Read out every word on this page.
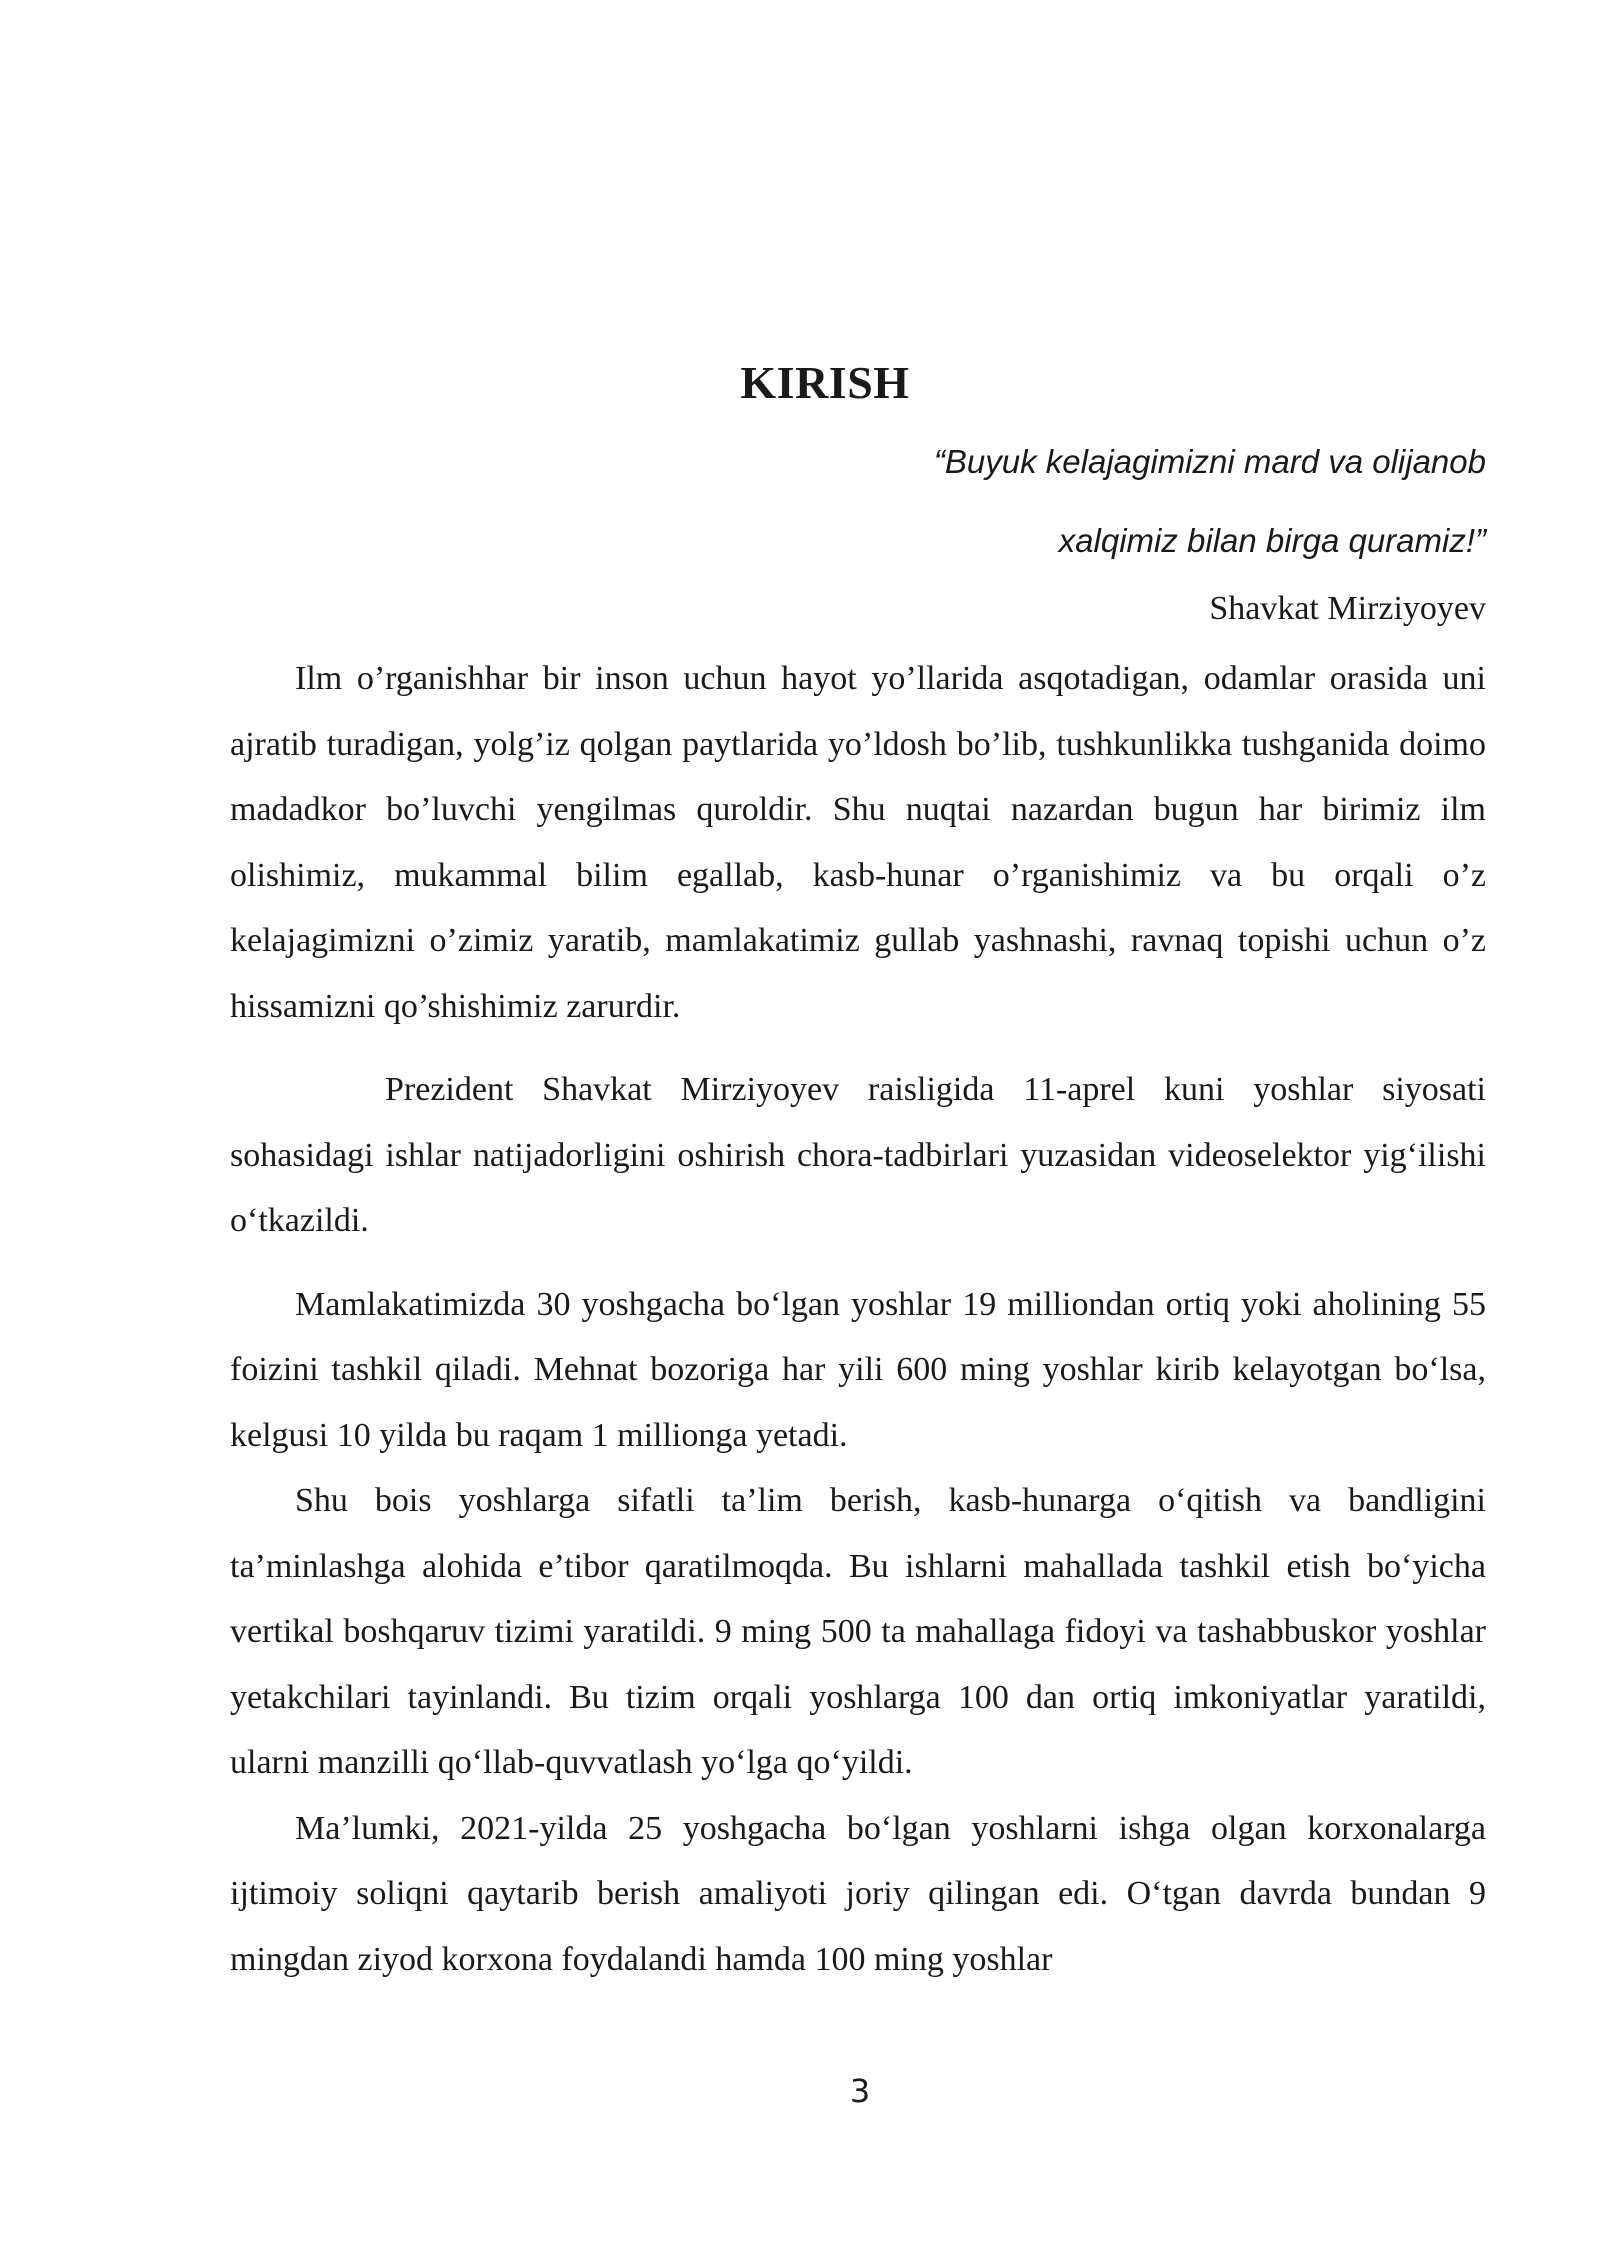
KIRISH

“Buyuk kelajagimizni mard va olijanob

xalqimiz bilan birga quramiz!”

Shavkat Mirziyoyev

Ilm o’rganishhar bir inson uchun hayot yo’llarida asqotadigan, odamlar orasida uni ajratib turadigan, yolg’iz qolgan paytlarida yo’ldosh bo’lib, tushkunlikka tushganida doimo madadkor bo’luvchi yengilmas quroldir. Shu nuqtai nazardan bugun har birimiz ilm olishimiz, mukammal bilim egallab, kasb-hunar o’rganishimiz va bu orqali o’z kelajagimizni o’zimiz yaratib, mamlakatimiz gullab yashnashi, ravnaq topishi uchun o’z hissamizni qo’shishimiz zarurdir.

Prezident Shavkat Mirziyoyev raisligida 11-aprel kuni yoshlar siyosati sohasidagi ishlar natijadorligini oshirish chora-tadbirlari yuzasidan videoselektor yig‘ilishi o‘tkazildi.

Mamlakatimizda 30 yoshgacha bo‘lgan yoshlar 19 milliondan ortiq yoki aholining 55 foizini tashkil qiladi. Mehnat bozoriga har yili 600 ming yoshlar kirib kelayotgan bo‘lsa, kelgusi 10 yilda bu raqam 1 millionga yetadi.

Shu bois yoshlarga sifatli ta’lim berish, kasb-hunarga o‘qitish va bandligini ta’minlashga alohida e’tibor qaratilmoqda. Bu ishlarni mahallada tashkil etish bo‘yicha vertikal boshqaruv tizimi yaratildi. 9 ming 500 ta mahallaga fidoyi va tashabbuskor yoshlar yetakchilari tayinlandi. Bu tizim orqali yoshlarga 100 dan ortiq imkoniyatlar yaratildi, ularni manzilli qo‘llab-quvvatlash yo‘lga qo‘yildi.

Ma’lumki, 2021-yilda 25 yoshgacha bo‘lgan yoshlarni ishga olgan korxonalarga ijtimoiy soliqni qaytarib berish amaliyoti joriy qilingan edi. O‘tgan davrda bundan 9 mingdan ziyod korxona foydalandi hamda 100 ming yoshlar

3
